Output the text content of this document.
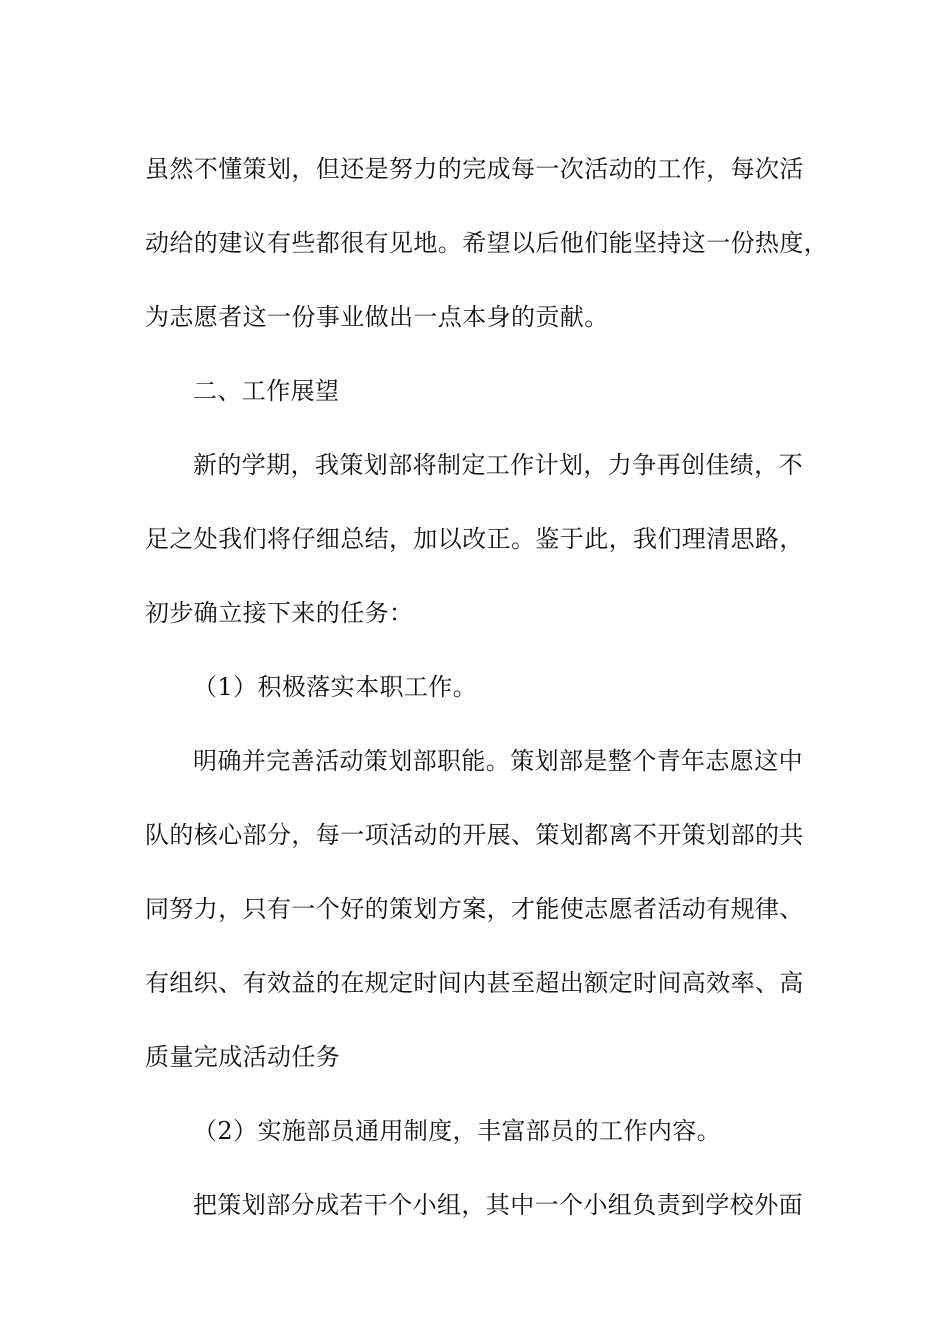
虽然不懂策划，但还是努力的完成每一次活动的工作，每次活
动给的建议有些都很有见地。希望以后他们能坚持这一份热度，
为志愿者这一份事业做出一点本身的贡献。
二、工作展望
新的学期，我策划部将制定工作计划，力争再创佳绩，不
足之处我们将仔细总结，加以改正。鉴于此，我们理清思路，
初步确立接下来的任务：
（1）积极落实本职工作。
明确并完善活动策划部职能。策划部是整个青年志愿这中
队的核心部分，每一项活动的开展、策划都离不开策划部的共
同努力，只有一个好的策划方案，才能使志愿者活动有规律、
有组织、有效益的在规定时间内甚至超出额定时间高效率、高
质量完成活动任务
（2）实施部员通用制度，丰富部员的工作内容。
把策划部分成若干个小组，其中一个小组负责到学校外面
